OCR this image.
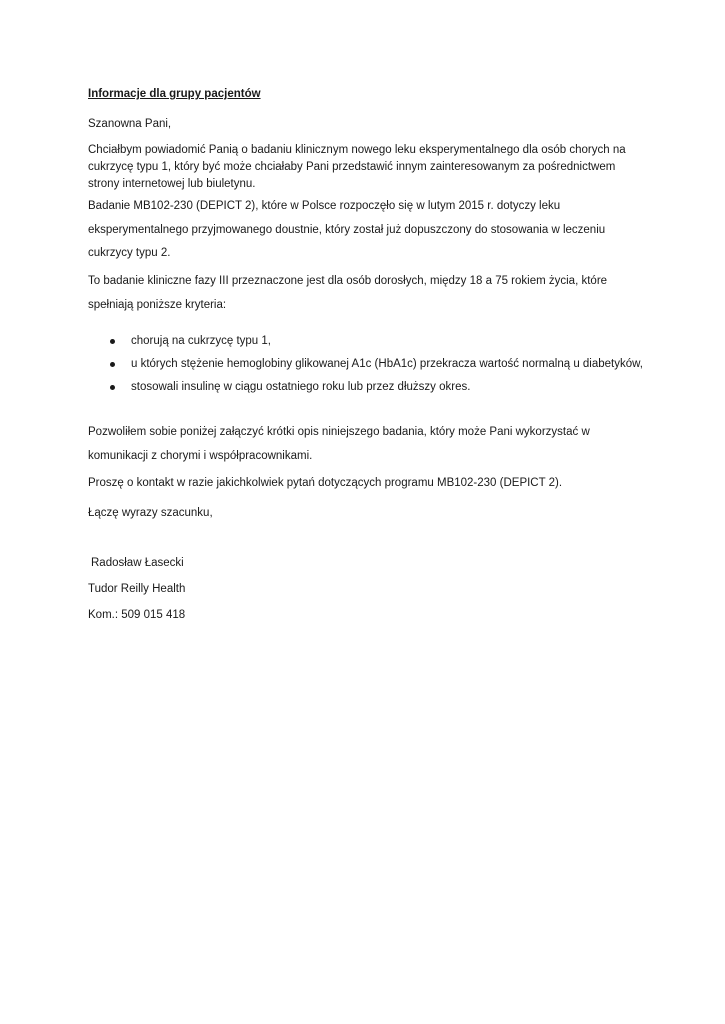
Informacje dla grupy pacjentów

Szanowna Pani,

Chciałbym powiadomić Panią o badaniu klinicznym nowego leku eksperymentalnego dla osób chorych na cukrzycę typu 1, który być może chciałaby Pani przedstawić innym zainteresowanym za pośrednictwem strony internetowej lub biuletynu.

Badanie MB102-230 (DEPICT 2), które w Polsce rozpoczęło się w lutym 2015 r. dotyczy leku eksperymentalnego przyjmowanego doustnie, który został już dopuszczony do stosowania w leczeniu cukrzycy typu 2.

To badanie kliniczne fazy III przeznaczone jest dla osób dorosłych, między 18 a 75 rokiem życia, które spełniają poniższe kryteria:

chorują na cukrzycę typu 1,
u których stężenie hemoglobiny glikowanej A1c (HbA1c) przekracza wartość normalną u diabetyków,
stosowali insulinę w ciągu ostatniego roku lub przez dłuższy okres.

Pozwoliłem sobie poniżej załączyć krótki opis niniejszego badania, który może Pani wykorzystać w komunikacji z chorymi i współpracownikami.

Proszę o kontakt w razie jakichkolwiek pytań dotyczących programu MB102-230 (DEPICT 2).

Łączę wyrazy szacunku,

Radosław Łasecki

Tudor Reilly Health

Kom.: 509 015 418
